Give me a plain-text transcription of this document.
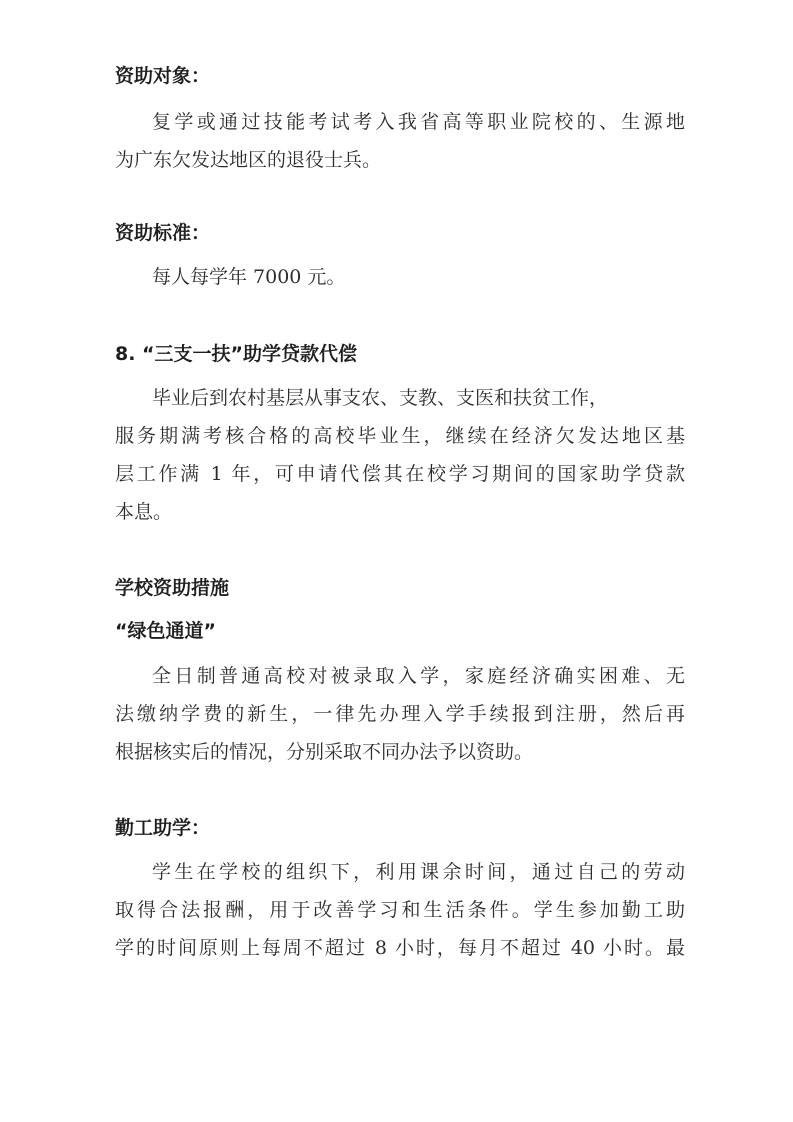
资助对象：
复学或通过技能考试考入我省高等职业院校的、生源地
为广东欠发达地区的退役士兵。
资助标准：
每人每学年 7000 元。
8. “三支一扶”助学贷款代偿
毕业后到农村基层从事支农、支教、支医和扶贫工作，
服务期满考核合格的高校毕业生，继续在经济欠发达地区基
层工作满 1 年，可申请代偿其在校学习期间的国家助学贷款
本息。
学校资助措施
“绿色通道”
全日制普通高校对被录取入学，家庭经济确实困难、无
法缴纳学费的新生，一律先办理入学手续报到注册，然后再
根据核实后的情况，分别采取不同办法予以资助。
勤工助学：
学生在学校的组织下，利用课余时间，通过自己的劳动
取得合法报酬，用于改善学习和生活条件。学生参加勤工助
学的时间原则上每周不超过 8 小时，每月不超过 40 小时。最
